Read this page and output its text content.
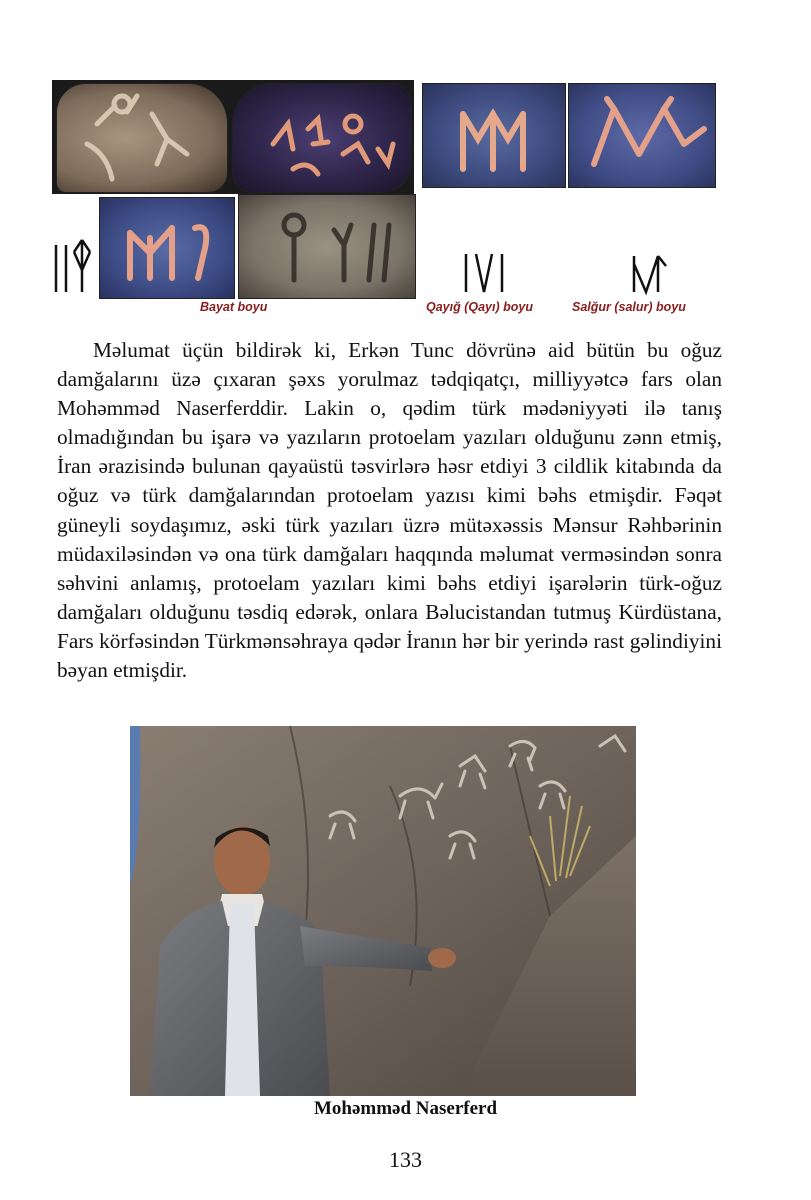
Bayat boyu	Qayığ (Qayı) boyu	Salğur (salur) boyu

Məlumat üçün bildirək ki, Erkən Tunc dövrünə aid bütün bu oğuz damğalarını üzə çıxaran şəxs yorulmaz tədqiqatçı, milliyyətcə fars olan Mohəmməd Naserferddir. Lakin o, qədim türk mədəniyyəti ilə tanış olmadığından bu işarə və yazıların protoelam yazıları olduğunu zənn etmiş, İran ərazisində bulunan qayaüstü təsvirlərə həsr etdiyi 3 cildlik kitabında da oğuz və türk damğalarından protoelam yazısı kimi bəhs etmişdir. Fəqət güneyli soydaşımız, əski türk yazıları üzrə mütəxəssis Mənsur Rəhbərinin müdaxiləsindən və ona türk damğaları haqqında məlumat verməsindən sonra səhvini anlamış, protoelam yazıları kimi bəhs etdiyi işarələrin türk-oğuz damğaları olduğunu təsdiq edərək, onlara Bəlucistandan tutmuş Kürdüstana, Fars körfəsindən Türkmənsəhraya qədər İranın hər bir yerində rast gəlindiyini bəyan etmişdir.

Mohəmməd Naserferd
133
